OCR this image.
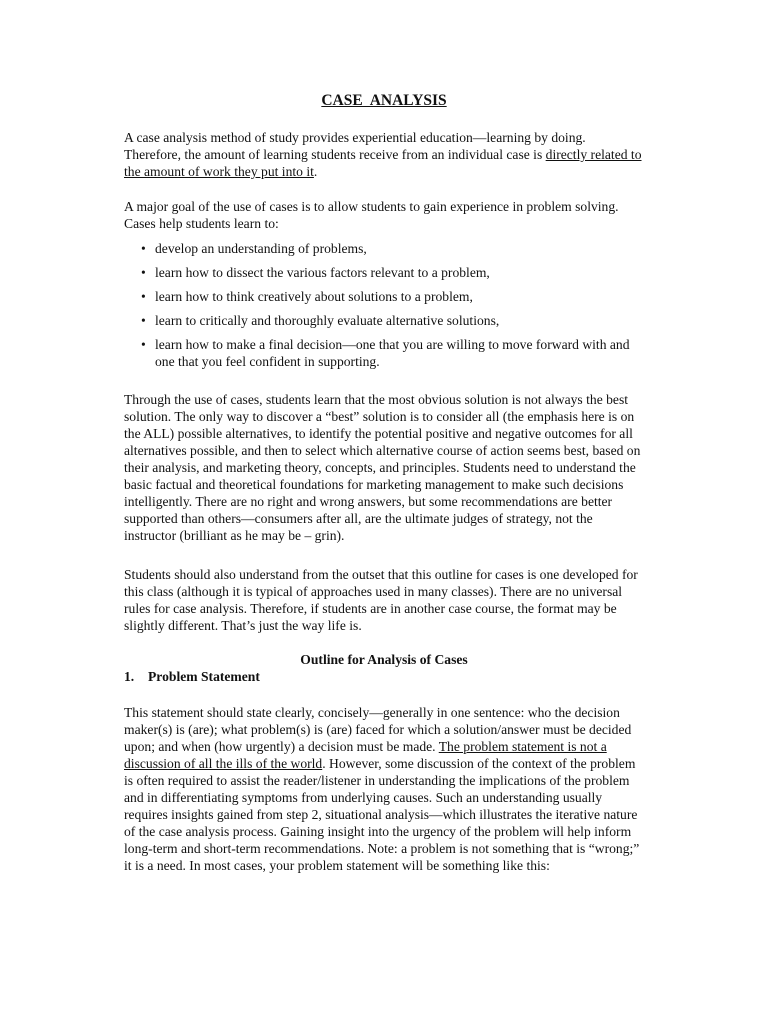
CASE ANALYSIS

A case analysis method of study provides experiential education—learning by doing. Therefore, the amount of learning students receive from an individual case is directly related to the amount of work they put into it.

A major goal of the use of cases is to allow students to gain experience in problem solving. Cases help students learn to:

• develop an understanding of problems,
• learn how to dissect the various factors relevant to a problem,
• learn how to think creatively about solutions to a problem,
• learn to critically and thoroughly evaluate alternative solutions,
• learn how to make a final decision—one that you are willing to move forward with and one that you feel confident in supporting.

Through the use of cases, students learn that the most obvious solution is not always the best solution. The only way to discover a “best” solution is to consider all (the emphasis here is on the ALL) possible alternatives, to identify the potential positive and negative outcomes for all alternatives possible, and then to select which alternative course of action seems best, based on their analysis, and marketing theory, concepts, and principles. Students need to understand the basic factual and theoretical foundations for marketing management to make such decisions intelligently. There are no right and wrong answers, but some recommendations are better supported than others—consumers after all, are the ultimate judges of strategy, not the instructor (brilliant as he may be – grin).

Students should also understand from the outset that this outline for cases is one developed for this class (although it is typical of approaches used in many classes). There are no universal rules for case analysis. Therefore, if students are in another case course, the format may be slightly different. That’s just the way life is.

Outline for Analysis of Cases
1. Problem Statement

This statement should state clearly, concisely—generally in one sentence: who the decision maker(s) is (are); what problem(s) is (are) faced for which a solution/answer must be decided upon; and when (how urgently) a decision must be made. The problem statement is not a discussion of all the ills of the world. However, some discussion of the context of the problem is often required to assist the reader/listener in understanding the implications of the problem and in differentiating symptoms from underlying causes. Such an understanding usually requires insights gained from step 2, situational analysis—which illustrates the iterative nature of the case analysis process. Gaining insight into the urgency of the problem will help inform long-term and short-term recommendations. Note: a problem is not something that is “wrong;” it is a need. In most cases, your problem statement will be something like this:
